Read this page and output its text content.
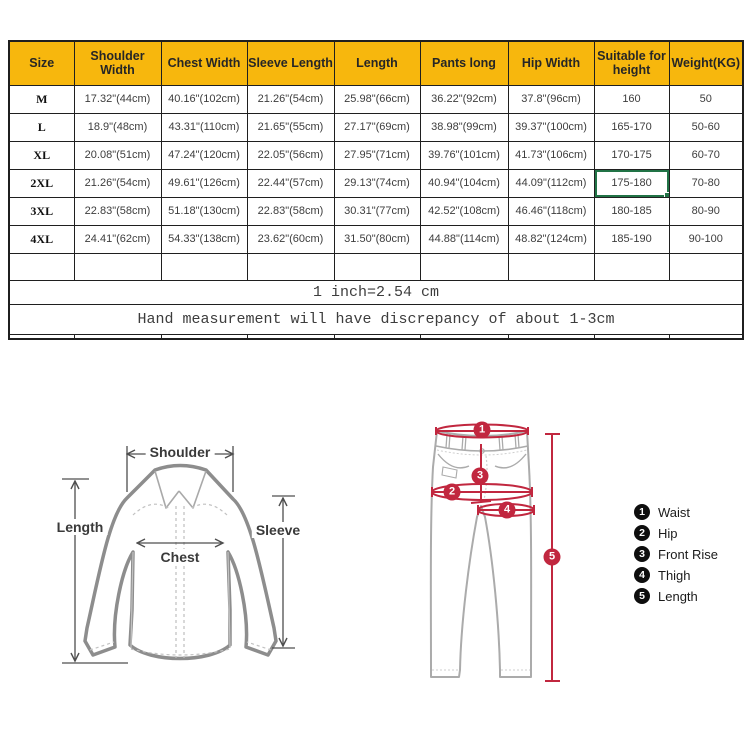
Shoulder
Length	Sleeve
Chest
1
2
3
4
5
1	Waist
2	Hip
3	Front Rise
4	Thigh
5	Length
Size	Shoulder Width	Chest Width	Sleeve Length	Length	Pants long	Hip Width	Suitable for height	Weight(KG)
M	17.32"(44cm)	40.16"(102cm)	21.26"(54cm)	25.98"(66cm)	36.22"(92cm)	37.8"(96cm)	160	50
L	18.9"(48cm)	43.31"(110cm)	21.65"(55cm)	27.17"(69cm)	38.98"(99cm)	39.37"(100cm)	165-170	50-60
XL	20.08"(51cm)	47.24"(120cm)	22.05"(56cm)	27.95"(71cm)	39.76"(101cm)	41.73"(106cm)	170-175	60-70
2XL	21.26"(54cm)	49.61"(126cm)	22.44"(57cm)	29.13"(74cm)	40.94"(104cm)	44.09"(112cm)	175-180	70-80
3XL	22.83"(58cm)	51.18"(130cm)	22.83"(58cm)	30.31"(77cm)	42.52"(108cm)	46.46"(118cm)	180-185	80-90
4XL	24.41"(62cm)	54.33"(138cm)	23.62"(60cm)	31.50"(80cm)	44.88"(114cm)	48.82"(124cm)	185-190	90-100

1 inch=2.54 cm								
Hand measurement will have discrepancy of about 1-3cm								
